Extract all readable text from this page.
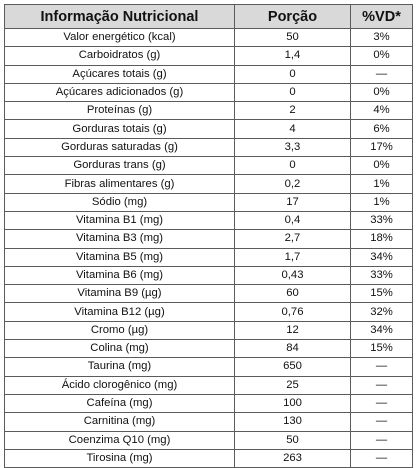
Informação Nutricional	Porção	%VD*
Valor energético (kcal)	50	3%
Carboidratos (g)	1,4	0%
Açúcares totais (g)	0	—
Açúcares adicionados (g)	0	0%
Proteínas (g)	2	4%
Gorduras totais (g)	4	6%
Gorduras saturadas (g)	3,3	17%
Gorduras trans (g)	0	0%
Fibras alimentares (g)	0,2	1%
Sódio (mg)	17	1%
Vitamina B1 (mg)	0,4	33%
Vitamina B3 (mg)	2,7	18%
Vitamina B5 (mg)	1,7	34%
Vitamina B6 (mg)	0,43	33%
Vitamina B9 (µg)	60	15%
Vitamina B12 (µg)	0,76	32%
Cromo (µg)	12	34%
Colina (mg)	84	15%
Taurina (mg)	650	—
Ácido clorogênico (mg)	25	—
Cafeína (mg)	100	—
Carnitina (mg)	130	—
Coenzima Q10 (mg)	50	—
Tirosina (mg)	263	—
